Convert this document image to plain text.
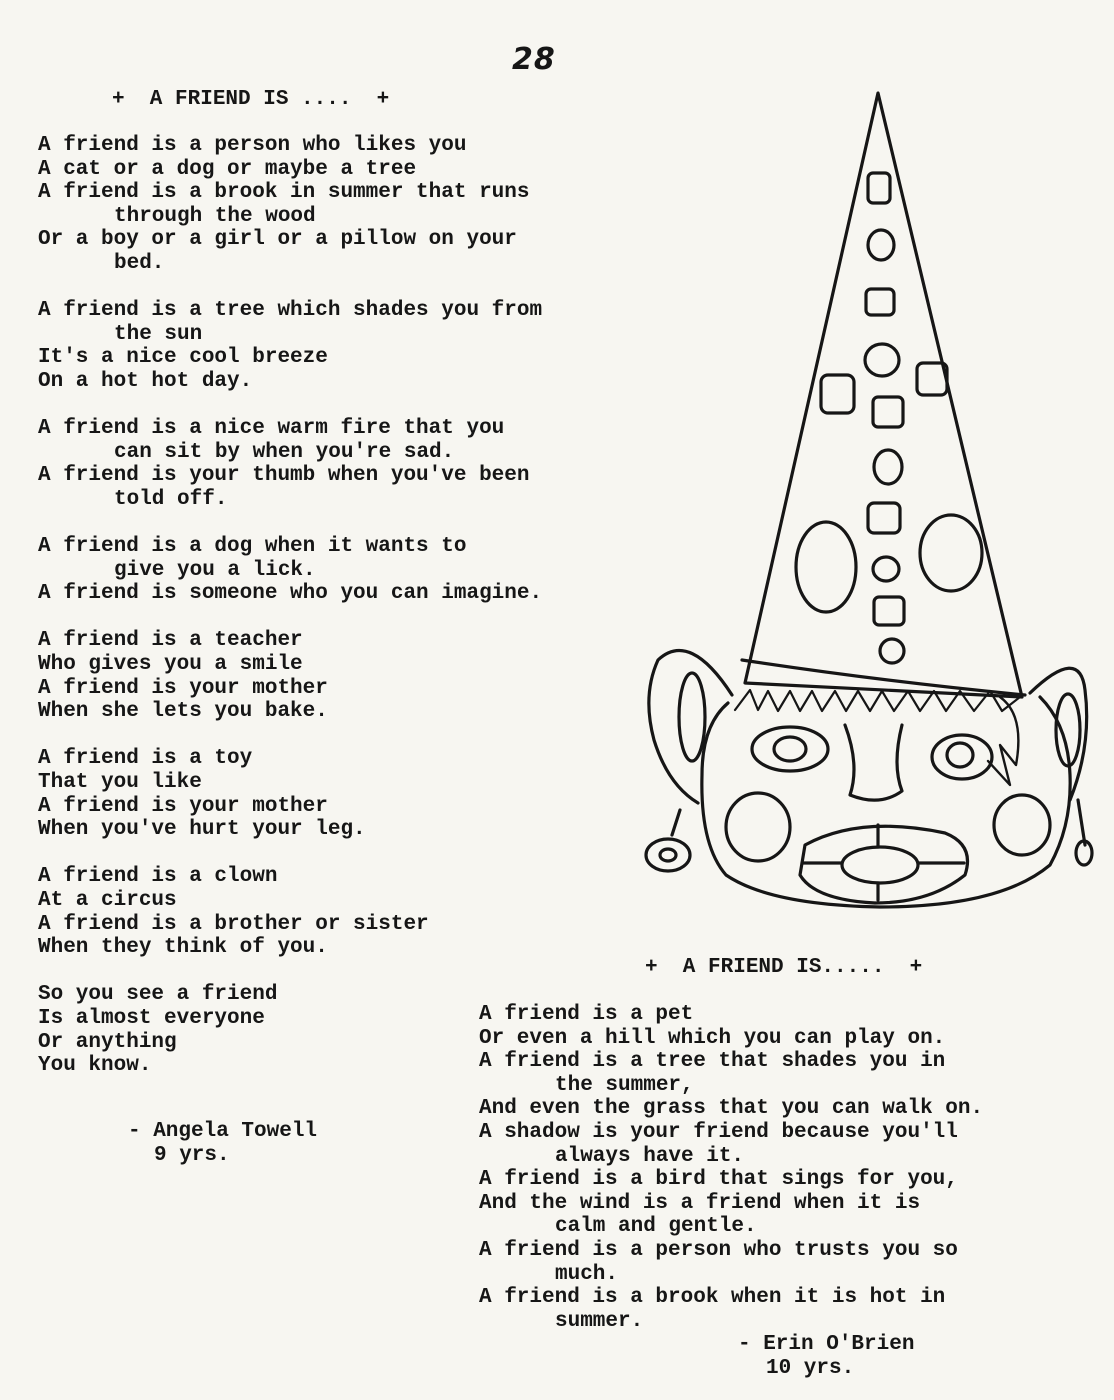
28
+  A FRIEND IS ....  +
A friend is a person who likes you
A cat or a dog or maybe a tree
A friend is a brook in summer that runs
through the wood
Or a boy or a girl or a pillow on your
bed.
A friend is a tree which shades you from
the sun
It's a nice cool breeze
On a hot hot day.
A friend is a nice warm fire that you
can sit by when you're sad.
A friend is your thumb when you've been
told off.
A friend is a dog when it wants to
give you a lick.
A friend is someone who you can imagine.
A friend is a teacher
Who gives you a smile
A friend is your mother
When she lets you bake.
A friend is a toy
That you like
A friend is your mother
When you've hurt your leg.
A friend is a clown
At a circus
A friend is a brother or sister
When they think of you.
So you see a friend
Is almost everyone
Or anything
You know.
- Angela Towell
9 yrs.
+  A FRIEND IS.....  +
A friend is a pet
Or even a hill which you can play on.
A friend is a tree that shades you in
the summer,
And even the grass that you can walk on.
A shadow is your friend because you'll
always have it.
A friend is a bird that sings for you,
And the wind is a friend when it is
calm and gentle.
A friend is a person who trusts you so
much.
A friend is a brook when it is hot in
summer.
- Erin O'Brien
10 yrs.
